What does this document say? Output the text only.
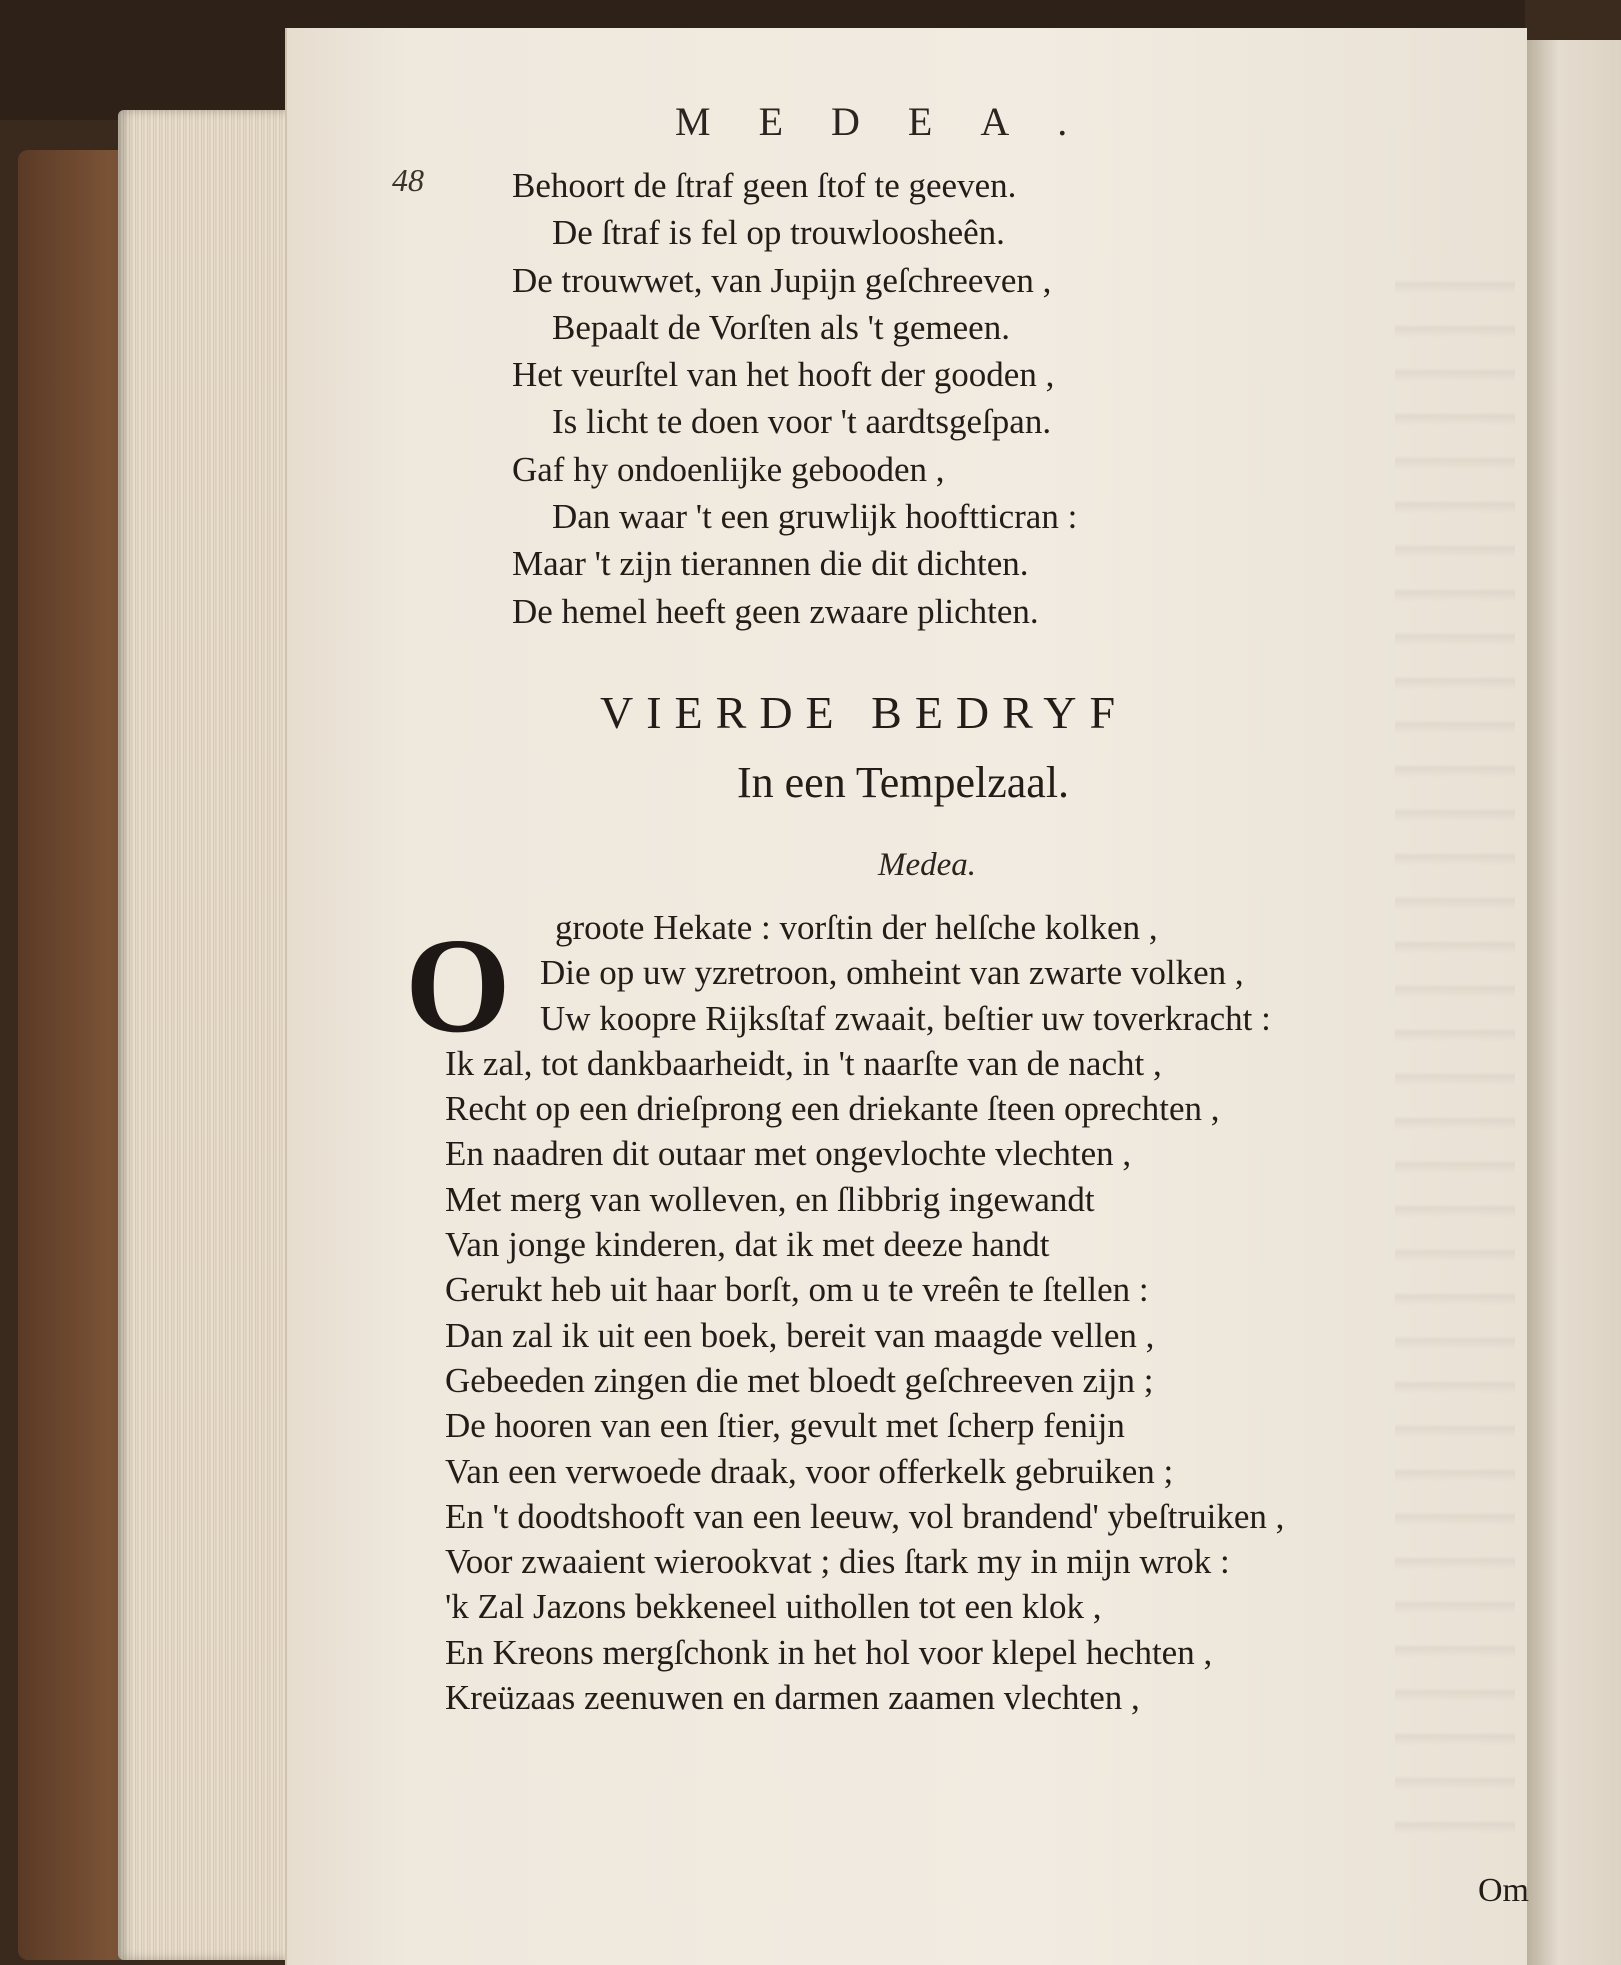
MEDEA.
48	Behoort de ſtraf geen ſtof te geeven.
De ſtraf is fel op trouwloosheên.
De trouwwet, van Jupijn geſchreeven ,
Bepaalt de Vorſten als 't gemeen.
Het veurſtel van het hooft der gooden ,
Is licht te doen voor 't aardtsgeſpan.
Gaf hy ondoenlijke gebooden ,
Dan waar 't een gruwlijk hooftticran :
Maar 't zijn tierannen die dit dichten.
De hemel heeft geen zwaare plichten.
VIERDE BEDRYF
In een Tempelzaal.
Medea.
O	groote Hekate : vorſtin der helſche kolken ,
Die op uw yzretroon, omheint van zwarte volken ,
Uw koopre Rijksſtaf zwaait, beſtier uw toverkracht :
Ik zal, tot dankbaarheidt, in 't naarſte van de nacht ,
Recht op een drieſprong een driekante ſteen oprechten ,
En naadren dit outaar met ongevlochte vlechten ,
Met merg van wolleven, en ſlibbrig ingewandt
Van jonge kinderen, dat ik met deeze handt
Gerukt heb uit haar borſt, om u te vreên te ſtellen :
Dan zal ik uit een boek, bereit van maagde vellen ,
Gebeeden zingen die met bloedt geſchreeven zijn ;
De hooren van een ſtier, gevult met ſcherp fenijn
Van een verwoede draak, voor offerkelk gebruiken ;
En 't doodtshooft van een leeuw, vol brandend' ybeſtruiken ,
Voor zwaaient wierookvat ; dies ſtark my in mijn wrok :
'k Zal Jazons bekkeneel uithollen tot een klok ,
En Kreons mergſchonk in het hol voor klepel hechten ,
Kreüzaas zeenuwen en darmen zaamen vlechten ,
Om
